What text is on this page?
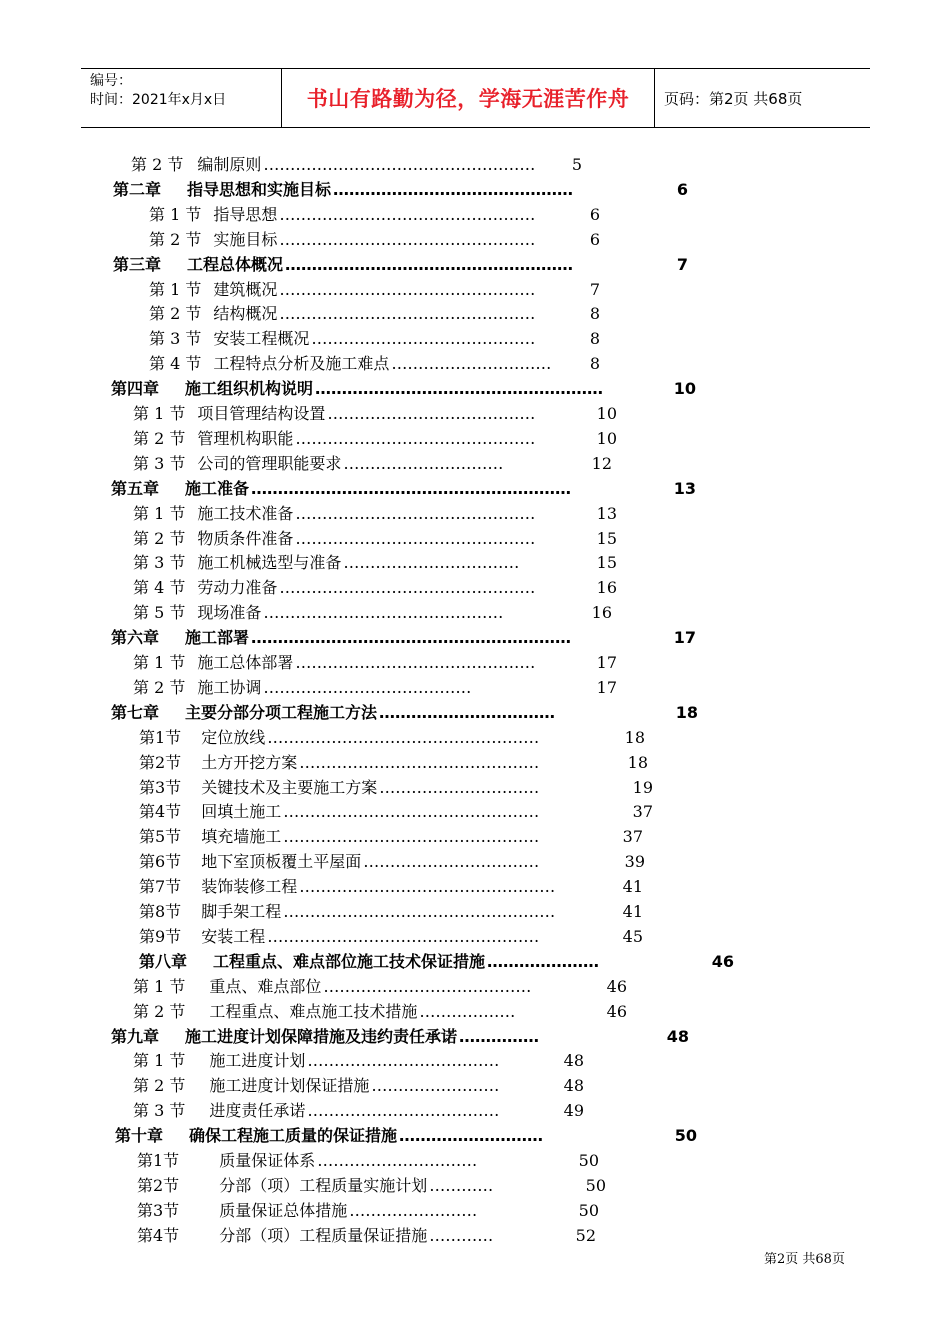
编号：
时间：2021年x月x日	书山有路勤为径，学海无涯苦作舟 页码：第2页 共68页
第 2 节 编制原则 ……………………………………………	5
第二章 指导思想和实施目标 ………………………………………	6
第 1 节 指导思想 …………………………………………	6
第 2 节 实施目标 …………………………………………	6
第三章 工程总体概况 ………………………………………………	7
第 1 节 建筑概况 …………………………………………	7
第 2 节 结构概况 …………………………………………	8
第 3 节 安装工程概况 ……………………………………	8
第 4 节 工程特点分析及施工难点 …………………………	8
第四章 施工组织机构说明 ………………………………………………	10
第 1 节 项目管理结构设置 …………………………………	10
第 2 节 管理机构职能 ………………………………………	10
第 3 节 公司的管理职能要求 …………………………	12
第五章 施工准备 ……………………………………………………	13
第 1 节 施工技术准备 ………………………………………	13
第 2 节 物质条件准备 ………………………………………	15
第 3 节 施工机械选型与准备 ……………………………	15
第 4 节 劳动力准备 …………………………………………	16
第 5 节 现场准备 ………………………………………	16
第六章 施工部署 ……………………………………………………	17
第 1 节 施工总体部署 ………………………………………	17
第 2 节 施工协调 …………………………………	17
第七章 主要分部分项工程施工方法 ……………………………	18
第1节 定位放线 ……………………………………………	18
第2节 土方开挖方案 ………………………………………	18
第3节 关键技术及主要施工方案 …………………………	19
第4节 回填土施工 …………………………………………	37
第5节 填充墙施工 …………………………………………	37
第6节 地下室顶板覆土平屋面 ……………………………	39
第7节 装饰装修工程 …………………………………………	41
第8节 脚手架工程 ……………………………………………	41
第9节 安装工程 ……………………………………………	45
第八章 工程重点、难点部位施工技术保证措施 …………………	46
第 1 节 重点、难点部位 …………………………………	46
第 2 节 工程重点、难点施工技术措施 ………………	46
第九章 施工进度计划保障措施及违约责任承诺 ……………	48
第 1 节 施工进度计划 ………………………………	48
第 2 节 施工进度计划保证措施 ……………………	48
第 3 节 进度责任承诺 ………………………………	49
第十章 确保工程施工质量的保证措施 ………………………	50
第1节	质量保证体系 …………………………	50
第2节	分部（项）工程质量实施计划 …………	50
第3节	质量保证总体措施 ……………………	50
第4节	分部（项）工程质量保证措施 …………	52
第2页 共68页
